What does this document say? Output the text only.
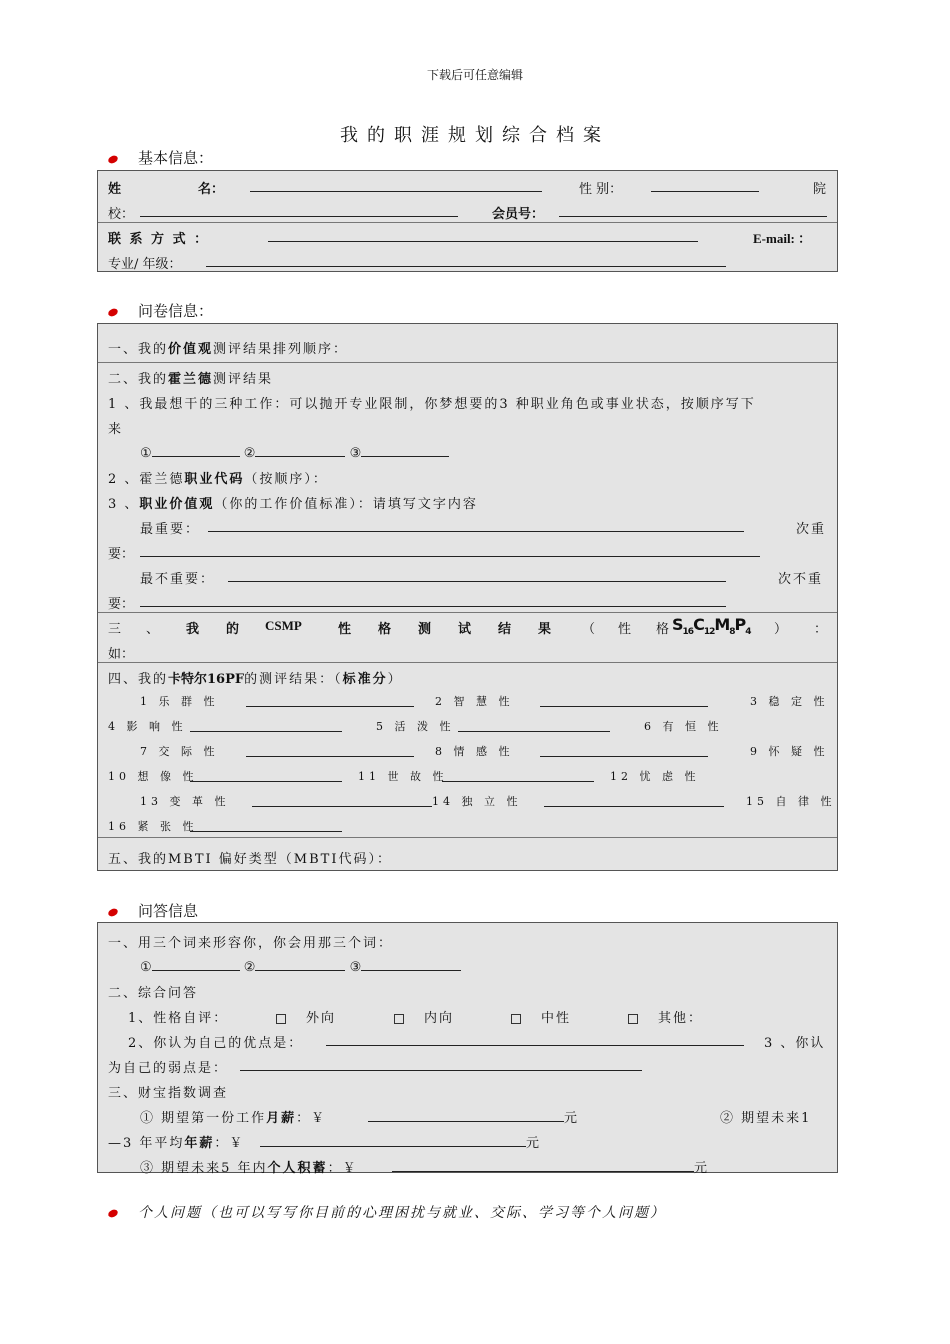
下载后可任意编辑
我的职涯规划综合档案
基本信息：
姓	名：	性 别：	院
校：	会员号：
联 系 方 式 ：	E-mail: ：
专业/ 年级：
问卷信息：
一、我的价值观测评结果排列顺序：
二、我的霍兰德测评结果
1 、我最想干的三种工作：可以抛开专业限制，你梦想要的3 种职业角色或事业状态，按顺序写下
来
①	②	③
2 、霍兰德职业代码（按顺序）：
3 、职业价值观（你的工作价值标准）：请填写文字内容
最重要：	次重
要：
最不重要：	次不重
要：
三 、 我 的 CSMP	性 格 测 试 结 果 （ 性 格 $S_{16}C_{12}M_8P_4$ ） ：
如：
四、我的卡特尔16PF的测评结果：（标准分）
1 乐 群 性	2 智 慧 性	3 稳 定 性
4 影 响 性	5 活 泼 性	6 有 恒 性
7 交 际 性	8 情 感 性	9 怀 疑 性
10 想 像 性	11 世 故 性	12 忧 虑 性
13 变 革 性	14 独 立 性	15 自 律 性
16 紧 张 性
五、我的MBTI 偏好类型（MBTI代码）：
问答信息
一、用三个词来形容你，你会用那三个词：
①	②	③
二、综合问答
1、性格自评：	外向	内向	中性	其他：
2、你认为自己的优点是：	3 、你认
为自己的弱点是：
三、财宝指数调查
① 期望第一份工作月薪：￥	元	② 期望未来1
—3 年平均年薪：￥	元
③ 期望未来5 年内个人积蓄：￥	元
个人问题（也可以写写你目前的心理困扰与就业、交际、学习等个人问题）
